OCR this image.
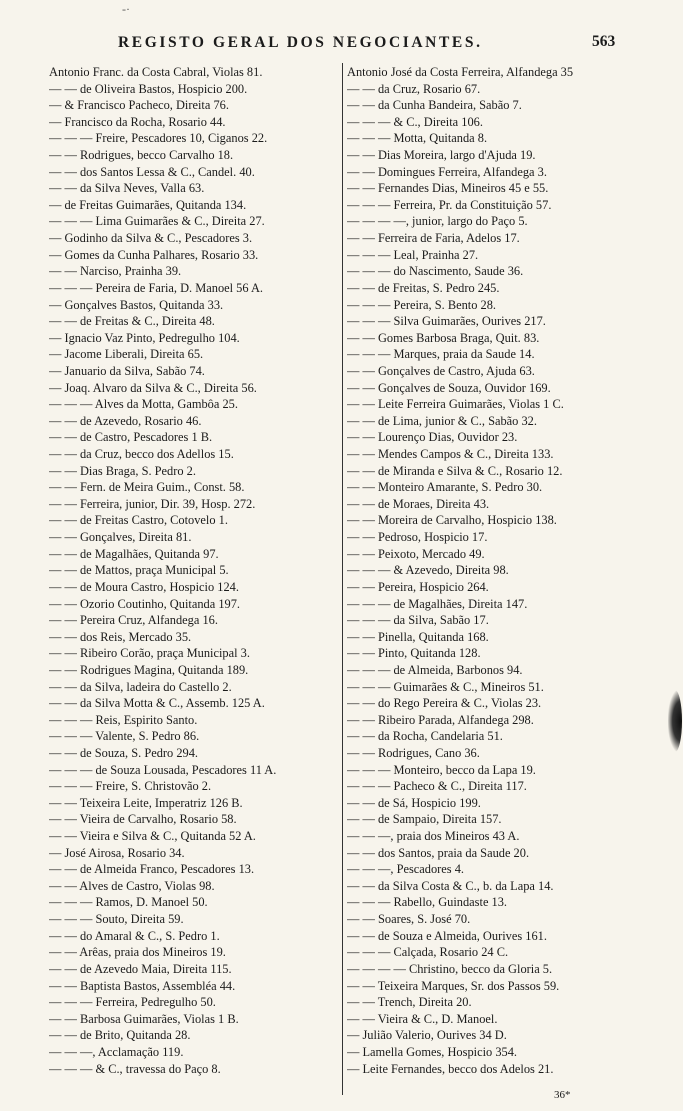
-·
REGISTO GERAL DOS NEGOCIANTES.	563
Antonio Franc. da Costa Cabral, Violas 81.
— — de Oliveira Bastos, Hospicio 200.
— & Francisco Pacheco, Direita 76.
— Francisco da Rocha, Rosario 44.
— — — Freire, Pescadores 10, Ciganos 22.
— — Rodrigues, becco Carvalho 18.
— — dos Santos Lessa & C., Candel. 40.
— — da Silva Neves, Valla 63.
— de Freitas Guimarães, Quitanda 134.
— — — Lima Guimarães & C., Direita 27.
— Godinho da Silva & C., Pescadores 3.
— Gomes da Cunha Palhares, Rosario 33.
— — Narciso, Prainha 39.
— — — Pereira de Faria, D. Manoel 56 A.
— Gonçalves Bastos, Quitanda 33.
— — de Freitas & C., Direita 48.
— Ignacio Vaz Pinto, Pedregulho 104.
— Jacome Liberali, Direita 65.
— Januario da Silva, Sabão 74.
— Joaq. Alvaro da Silva & C., Direita 56.
— — — Alves da Motta, Gambôa 25.
— — de Azevedo, Rosario 46.
— — de Castro, Pescadores 1 B.
— — da Cruz, becco dos Adellos 15.
— — Dias Braga, S. Pedro 2.
— — Fern. de Meira Guim., Const. 58.
— — Ferreira, junior, Dir. 39, Hosp. 272.
— — de Freitas Castro, Cotovelo 1.
— — Gonçalves, Direita 81.
— — de Magalhães, Quitanda 97.
— — de Mattos, praça Municipal 5.
— — de Moura Castro, Hospicio 124.
— — Ozorio Coutinho, Quitanda 197.
— — Pereira Cruz, Alfandega 16.
— — dos Reis, Mercado 35.
— — Ribeiro Corão, praça Municipal 3.
— — Rodrigues Magina, Quitanda 189.
— — da Silva, ladeira do Castello 2.
— — da Silva Motta & C., Assemb. 125 A.
— — — Reis, Espirito Santo.
— — — Valente, S. Pedro 86.
— — de Souza, S. Pedro 294.
— — — de Souza Lousada, Pescadores 11 A.
— — — Freire, S. Christovão 2.
— — Teixeira Leite, Imperatriz 126 B.
— — Vieira de Carvalho, Rosario 58.
— — Vieira e Silva & C., Quitanda 52 A.
— José Airosa, Rosario 34.
— — de Almeida Franco, Pescadores 13.
— — Alves de Castro, Violas 98.
— — — Ramos, D. Manoel 50.
— — — Souto, Direita 59.
— — do Amaral & C., S. Pedro 1.
— — Arêas, praia dos Mineiros 19.
— — de Azevedo Maia, Direita 115.
— — Baptista Bastos, Assembléa 44.
— — — Ferreira, Pedregulho 50.
— — Barbosa Guimarães, Violas 1 B.
— — de Brito, Quitanda 28.
— — —, Acclamação 119.
— — — & C., travessa do Paço 8.
Antonio José da Costa Ferreira, Alfandega 35
— — da Cruz, Rosario 67.
— — da Cunha Bandeira, Sabão 7.
— — — & C., Direita 106.
— — — Motta, Quitanda 8.
— — Dias Moreira, largo d'Ajuda 19.
— — Domingues Ferreira, Alfandega 3.
— — Fernandes Dias, Mineiros 45 e 55.
— — — Ferreira, Pr. da Constituição 57.
— — — —, junior, largo do Paço 5.
— — Ferreira de Faria, Adelos 17.
— — — Leal, Prainha 27.
— — — do Nascimento, Saude 36.
— — de Freitas, S. Pedro 245.
— — — Pereira, S. Bento 28.
— — — Silva Guimarães, Ourives 217.
— — Gomes Barbosa Braga, Quit. 83.
— — — Marques, praia da Saude 14.
— — Gonçalves de Castro, Ajuda 63.
— — Gonçalves de Souza, Ouvidor 169.
— — Leite Ferreira Guimarães, Violas 1 C.
— — de Lima, junior & C., Sabão 32.
— — Lourenço Dias, Ouvidor 23.
— — Mendes Campos & C., Direita 133.
— — de Miranda e Silva & C., Rosario 12.
— — Monteiro Amarante, S. Pedro 30.
— — de Moraes, Direita 43.
— — Moreira de Carvalho, Hospicio 138.
— — Pedroso, Hospicio 17.
— — Peixoto, Mercado 49.
— — — & Azevedo, Direita 98.
— — Pereira, Hospicio 264.
— — — de Magalhães, Direita 147.
— — — da Silva, Sabão 17.
— — Pinella, Quitanda 168.
— — Pinto, Quitanda 128.
— — — de Almeida, Barbonos 94.
— — — Guimarães & C., Mineiros 51.
— — do Rego Pereira & C., Violas 23.
— — Ribeiro Parada, Alfandega 298.
— — da Rocha, Candelaria 51.
— — Rodrigues, Cano 36.
— — — Monteiro, becco da Lapa 19.
— — — Pacheco & C., Direita 117.
— — de Sá, Hospicio 199.
— — de Sampaio, Direita 157.
— — —, praia dos Mineiros 43 A.
— — dos Santos, praia da Saude 20.
— — —, Pescadores 4.
— — da Silva Costa & C., b. da Lapa 14.
— — — Rabello, Guindaste 13.
— — Soares, S. José 70.
— — de Souza e Almeida, Ourives 161.
— — — Calçada, Rosario 24 C.
— — — — Christino, becco da Gloria 5.
— — Teixeira Marques, Sr. dos Passos 59.
— — Trench, Direita 20.
— — Vieira & C., D. Manoel.
— Julião Valerio, Ourives 34 D.
— Lamella Gomes, Hospicio 354.
— Leite Fernandes, becco dos Adelos 21.
36*
